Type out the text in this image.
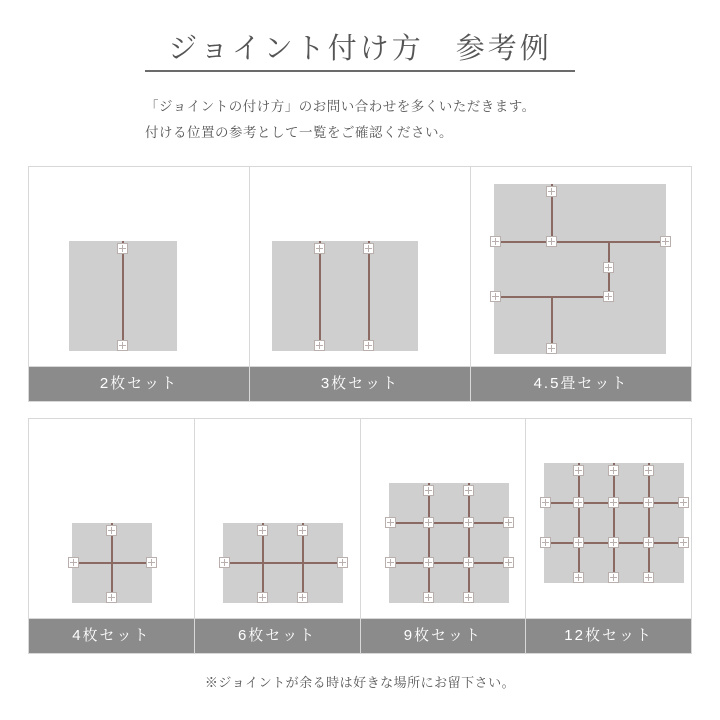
ジョイント付け方　参考例
「ジョイントの付け方」のお問い合わせを多くいただきます。
付ける位置の参考として一覧をご確認ください。
2枚セット	3枚セット	4.5畳セット
4枚セット	6枚セット	9枚セット	12枚セット
※ジョイントが余る時は好きな場所にお留下さい。
